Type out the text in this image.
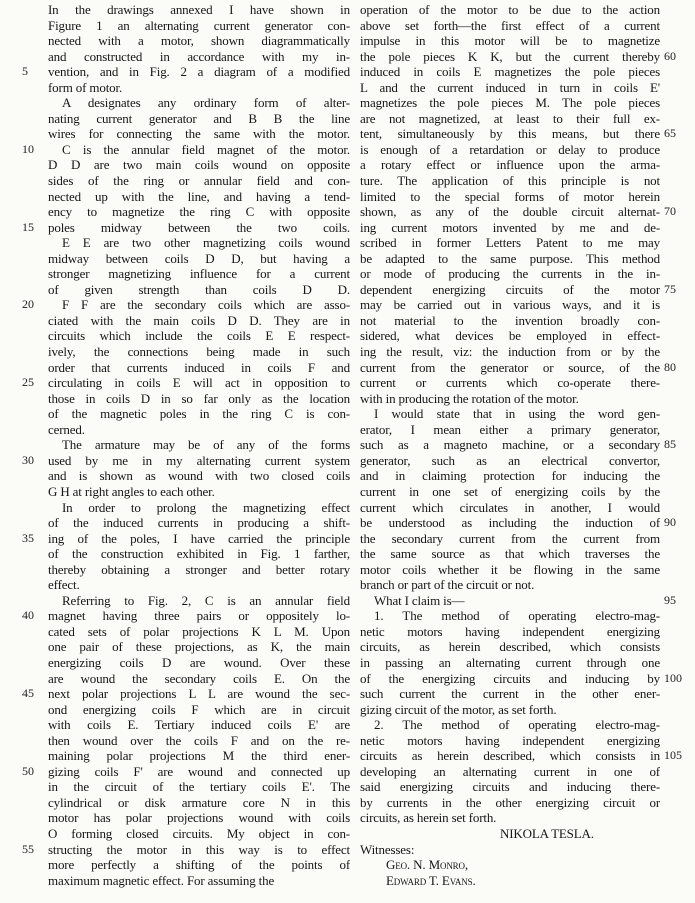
In the drawings annexed I have shown in
Figure 1 an alternating current generator con-
nected with a motor, shown diagrammatically
and constructed in accordance with my in-
vention, and in Fig. 2 a diagram of a modified
form of motor.
A designates any ordinary form of alter-
nating current generator and B B the line
wires for connecting the same with the motor.
C is the annular field magnet of the motor.
D D are two main coils wound on opposite
sides of the ring or annular field and con-
nected up with the line, and having a tend-
ency to magnetize the ring C with opposite
poles midway between the two coils.
E E are two other magnetizing coils wound
midway between coils D D, but having a
stronger magnetizing influence for a current
of given strength than coils D D.
F F are the secondary coils which are asso-
ciated with the main coils D D. They are in
circuits which include the coils E E respect-
ively, the connections being made in such
order that currents induced in coils F and
circulating in coils E will act in opposition to
those in coils D in so far only as the location
of the magnetic poles in the ring C is con-
cerned.
The armature may be of any of the forms
used by me in my alternating current system
and is shown as wound with two closed coils
G H at right angles to each other.
In order to prolong the magnetizing effect
of the induced currents in producing a shift-
ing of the poles, I have carried the principle
of the construction exhibited in Fig. 1 farther,
thereby obtaining a stronger and better rotary
effect.
Referring to Fig. 2, C is an annular field
magnet having three pairs or oppositely lo-
cated sets of polar projections K L M. Upon
one pair of these projections, as K, the main
energizing coils D are wound. Over these
are wound the secondary coils E. On the
next polar projections L L are wound the sec-
ond energizing coils F which are in circuit
with coils E. Tertiary induced coils E' are
then wound over the coils F and on the re-
maining polar projections M the third ener-
gizing coils F' are wound and connected up
in the circuit of the tertiary coils E'. The
cylindrical or disk armature core N in this
motor has polar projections wound with coils
O forming closed circuits. My object in con-
structing the motor in this way is to effect
more perfectly a shifting of the points of
maximum magnetic effect. For assuming the
operation of the motor to be due to the action
above set forth—the first effect of a current
impulse in this motor will be to magnetize
the pole pieces K K, but the current thereby
induced in coils E magnetizes the pole pieces
L and the current induced in turn in coils E'
magnetizes the pole pieces M. The pole pieces
are not magnetized, at least to their full ex-
tent, simultaneously by this means, but there
is enough of a retardation or delay to produce
a rotary effect or influence upon the arma-
ture. The application of this principle is not
limited to the special forms of motor herein
shown, as any of the double circuit alternat-
ing current motors invented by me and de-
scribed in former Letters Patent to me may
be adapted to the same purpose. This method
or mode of producing the currents in the in-
dependent energizing circuits of the motor
may be carried out in various ways, and it is
not material to the invention broadly con-
sidered, what devices be employed in effect-
ing the result, viz: the induction from or by the
current from the generator or source, of the
current or currents which co-operate there-
with in producing the rotation of the motor.
I would state that in using the word gen-
erator, I mean either a primary generator,
such as a magneto machine, or a secondary
generator, such as an electrical convertor,
and in claiming protection for inducing the
current in one set of energizing coils by the
current which circulates in another, I would
be understood as including the induction of
the secondary current from the current from
the same source as that which traverses the
motor coils whether it be flowing in the same
branch or part of the circuit or not.
What I claim is—
1. The method of operating electro-mag-
netic motors having independent energizing
circuits, as herein described, which consists
in passing an alternating current through one
of the energizing circuits and inducing by
such current the current in the other ener-
gizing circuit of the motor, as set forth.
2. The method of operating electro-mag-
netic motors having independent energizing
circuits as herein described, which consists in
developing an alternating current in one of
said energizing circuits and inducing there-
by currents in the other energizing circuit or
circuits, as herein set forth.
NIKOLA TESLA.
Witnesses:
Geo. N. Monro,
Edward T. Evans.
5
10
15
20
25
30
35
40
45
50
55
60
65
70
75
80
85
90
95
100
105
